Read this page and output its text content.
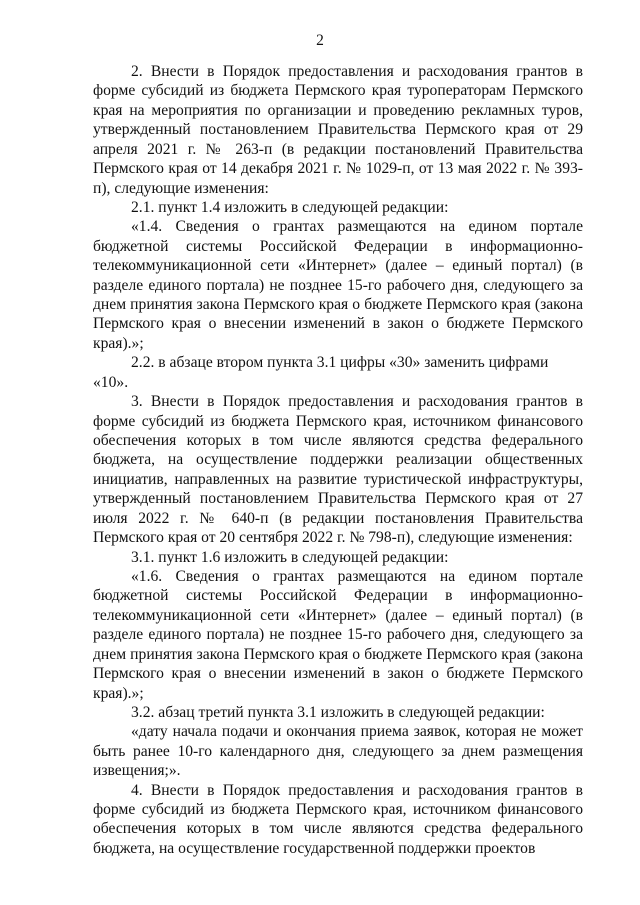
2

2. Внести в Порядок предоставления и расходования грантов в форме субсидий из бюджета Пермского края туроператорам Пермского края на мероприятия по организации и проведению рекламных туров, утвержденный постановлением Правительства Пермского края от 29 апреля 2021 г. № 263-п (в редакции постановлений Правительства Пермского края от 14 декабря 2021 г. № 1029-п, от 13 мая 2022 г. № 393-п), следующие изменения:

2.1. пункт 1.4 изложить в следующей редакции:

«1.4. Сведения о грантах размещаются на едином портале бюджетной системы Российской Федерации в информационно-телекоммуникационной сети «Интернет» (далее – единый портал) (в разделе единого портала) не позднее 15-го рабочего дня, следующего за днем принятия закона Пермского края о бюджете Пермского края (закона Пермского края о внесении изменений в закон о бюджете Пермского края).»;

2.2. в абзаце втором пункта 3.1 цифры «30» заменить цифрами «10».

3. Внести в Порядок предоставления и расходования грантов в форме субсидий из бюджета Пермского края, источником финансового обеспечения которых в том числе являются средства федерального бюджета, на осуществление поддержки реализации общественных инициатив, направленных на развитие туристической инфраструктуры, утвержденный постановлением Правительства Пермского края от 27 июля 2022 г. № 640-п (в редакции постановления Правительства Пермского края от 20 сентября 2022 г. № 798-п), следующие изменения:

3.1. пункт 1.6 изложить в следующей редакции:

«1.6. Сведения о грантах размещаются на едином портале бюджетной системы Российской Федерации в информационно-телекоммуникационной сети «Интернет» (далее – единый портал) (в разделе единого портала) не позднее 15-го рабочего дня, следующего за днем принятия закона Пермского края о бюджете Пермского края (закона Пермского края о внесении изменений в закон о бюджете Пермского края).»;

3.2. абзац третий пункта 3.1 изложить в следующей редакции:

«дату начала подачи и окончания приема заявок, которая не может быть ранее 10-го календарного дня, следующего за днем размещения извещения;».

4. Внести в Порядок предоставления и расходования грантов в форме субсидий из бюджета Пермского края, источником финансового обеспечения которых в том числе являются средства федерального бюджета, на осуществление государственной поддержки проектов
